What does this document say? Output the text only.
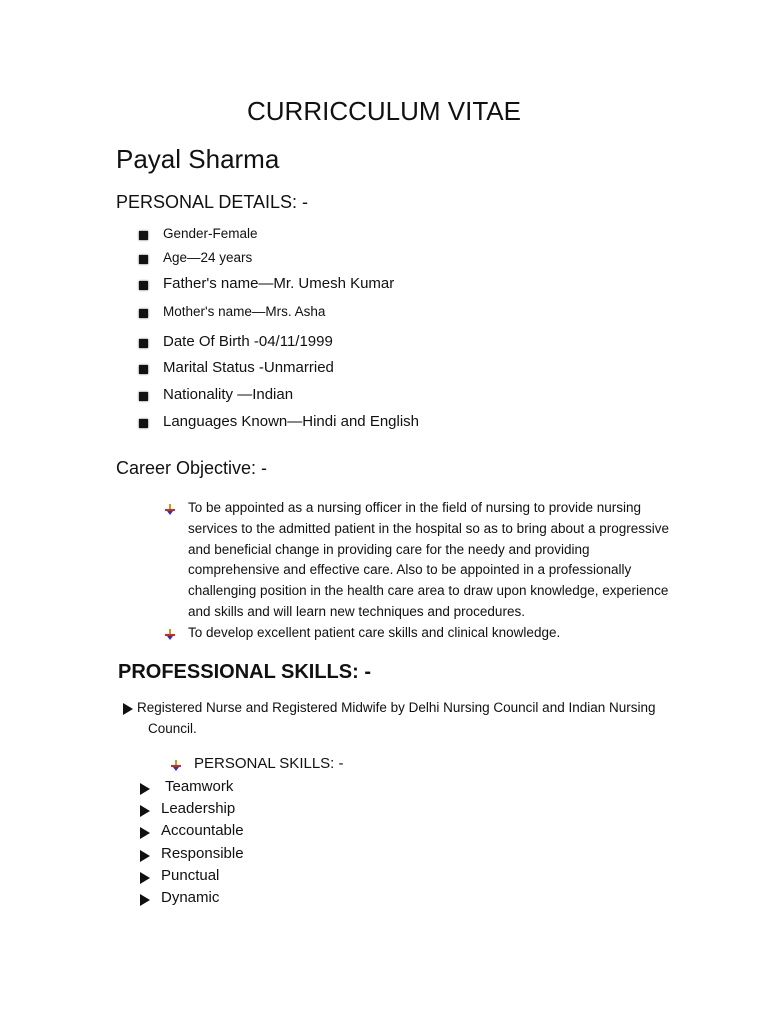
CURRICCULUM VITAE
Payal Sharma
PERSONAL DETAILS: -
Gender-Female
Age—24 years
Father's name—Mr. Umesh Kumar
Mother's name—Mrs. Asha
Date Of Birth -04/11/1999
Marital Status -Unmarried
Nationality —Indian
Languages Known—Hindi and English
Career Objective: -
To be appointed as a nursing officer in the field of nursing to provide nursing
services to the admitted patient in the hospital so as to bring about a progressive
and beneficial change in providing care for the needy and providing
comprehensive and effective care. Also to be appointed in a professionally
challenging position in the health care area to draw upon knowledge, experience
and skills and will learn new techniques and procedures.
To develop excellent patient care skills and clinical knowledge.
PROFESSIONAL SKILLS: -
Registered Nurse and Registered Midwife by Delhi Nursing Council and Indian Nursing
Council.
PERSONAL SKILLS: -
Teamwork
Leadership
Accountable
Responsible
Punctual
Dynamic
